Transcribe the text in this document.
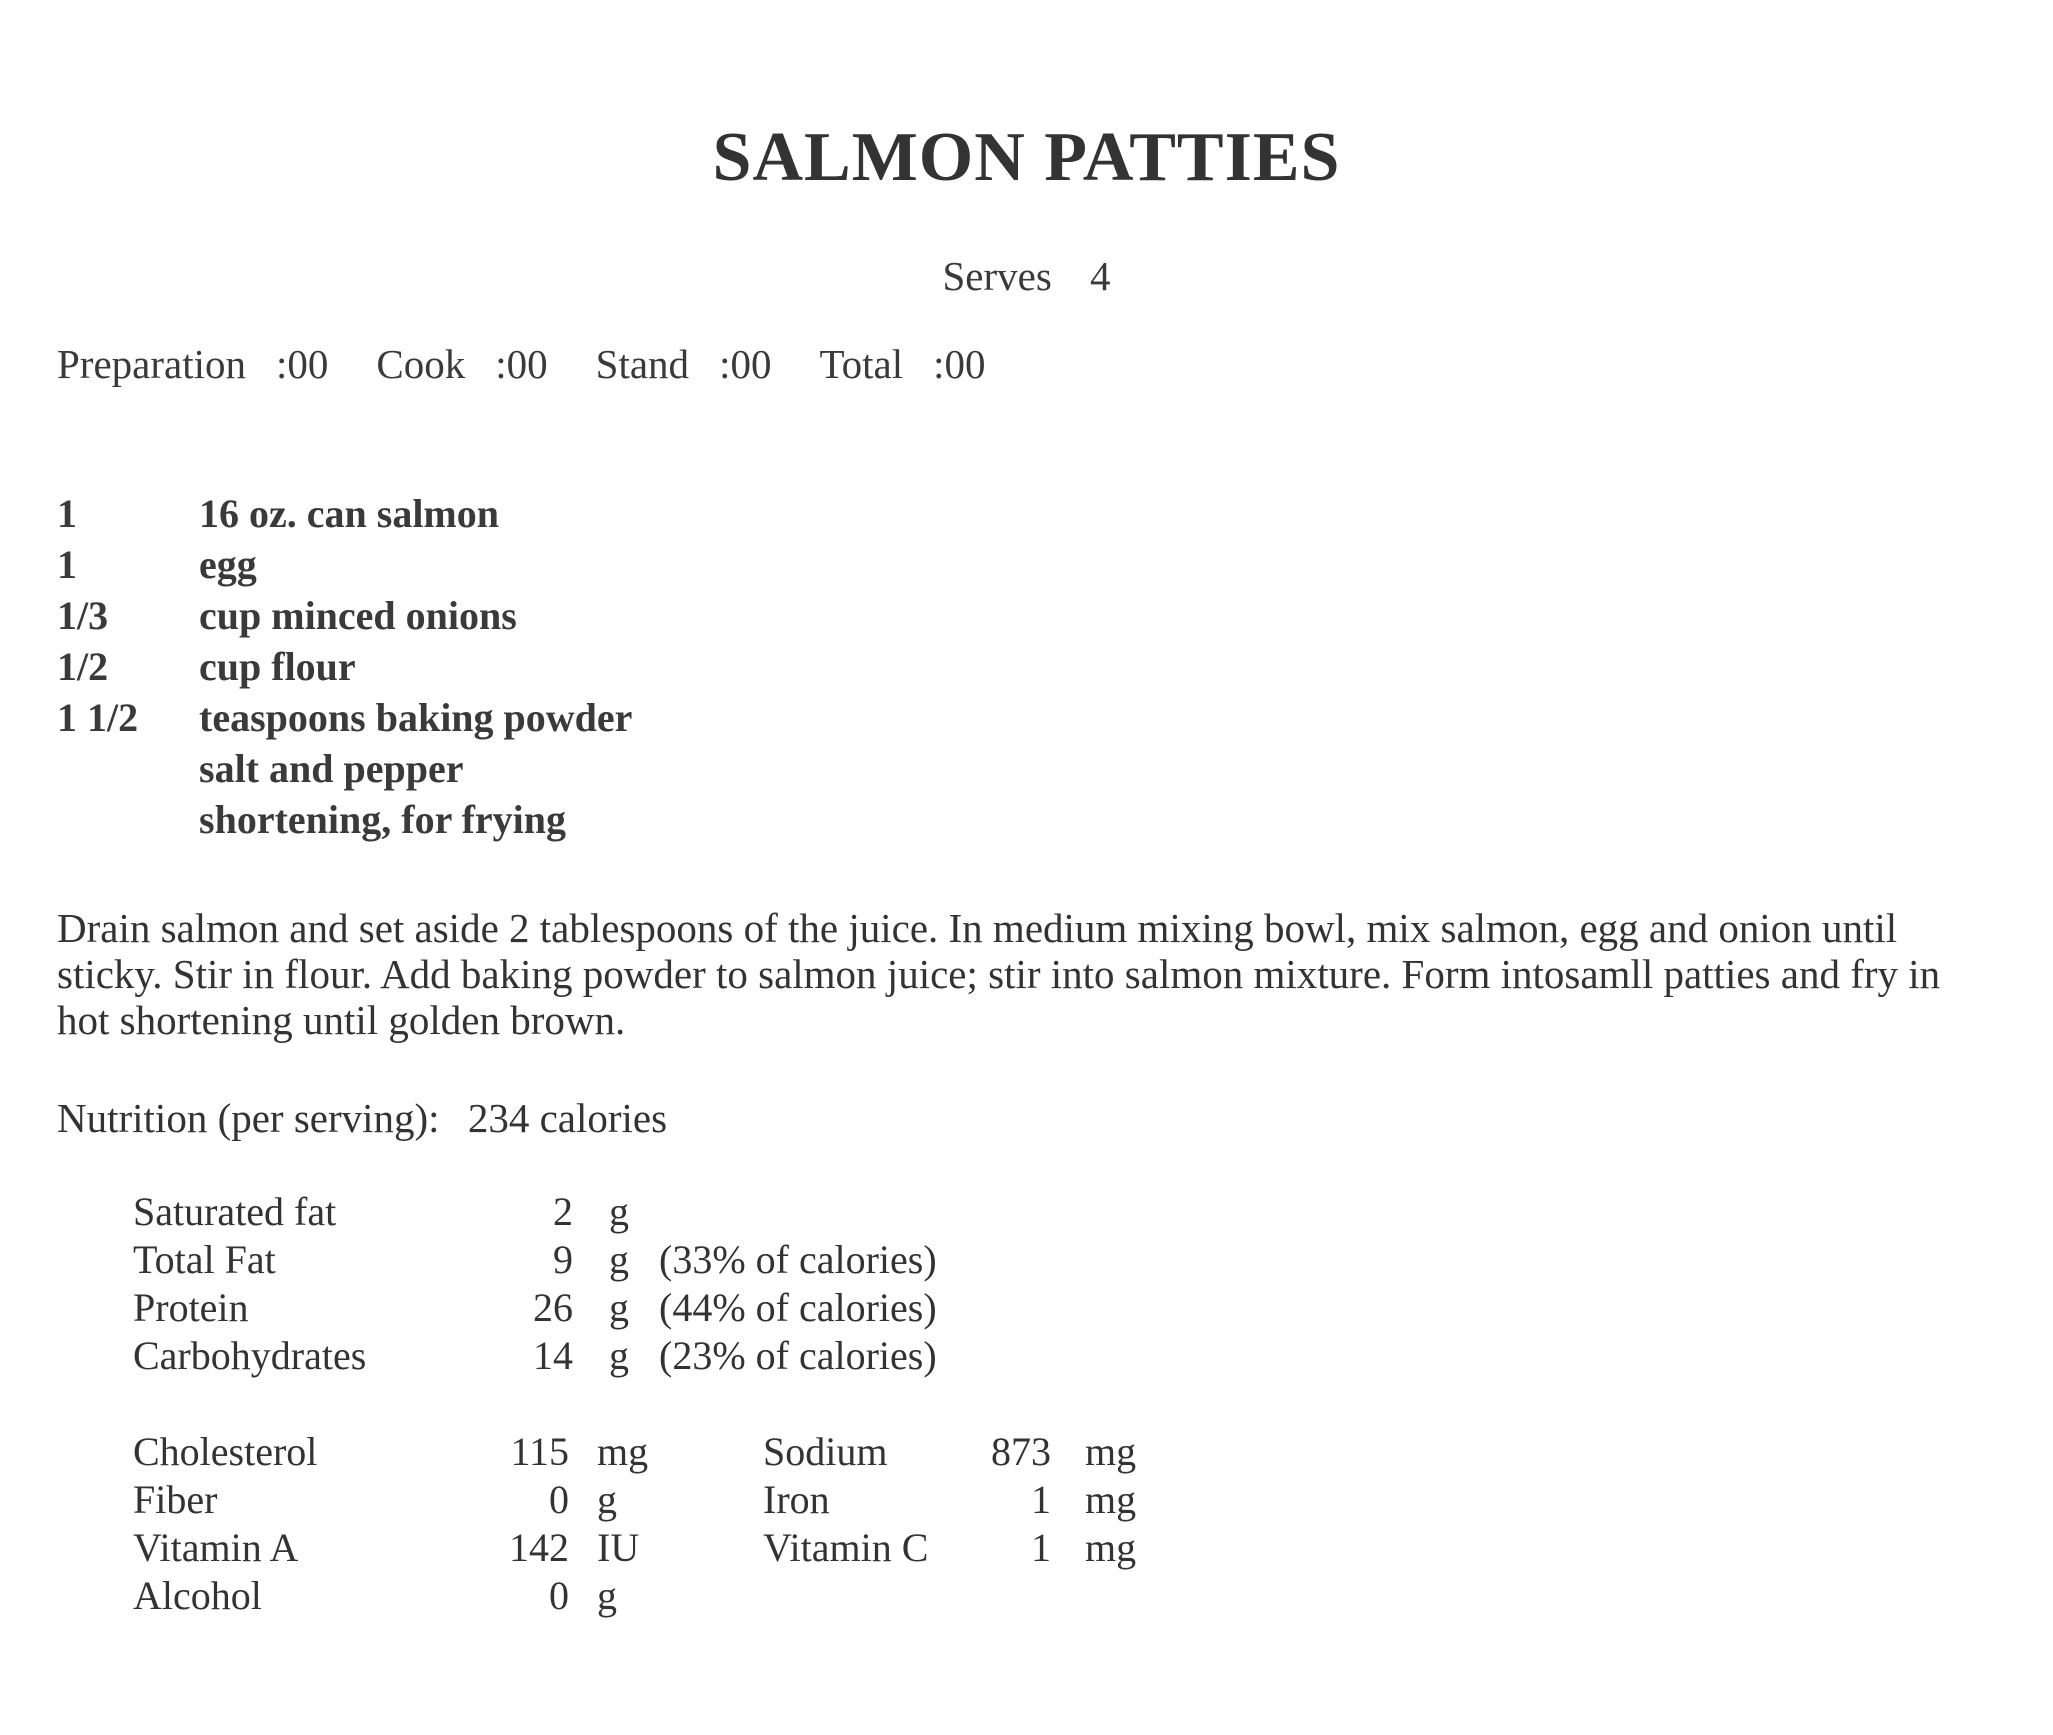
SALMON PATTIES
Serves 4
Preparation :00 Cook :00 Stand :00 Total :00
1	16 oz. can salmon
1	egg
1/3	cup minced onions
1/2	cup flour
1 1/2	teaspoons baking powder
salt and pepper
shortening, for frying
Drain salmon and set aside 2 tablespoons of the juice. In medium mixing bowl, mix salmon, egg and onion until sticky. Stir in flour. Add baking powder to salmon juice; stir into salmon mixture. Form intosamll patties and fry in hot shortening until golden brown.
Nutrition (per serving): 234 calories
Saturated fat	2 g
Total Fat	9 g (33% of calories)
Protein	26 g (44% of calories)
Carbohydrates	14 g (23% of calories)
Cholesterol	115 mg	Sodium	873 mg
Fiber	0 g	Iron	1 mg
Vitamin A	142 IU	Vitamin C	1 mg
Alcohol	0 g
